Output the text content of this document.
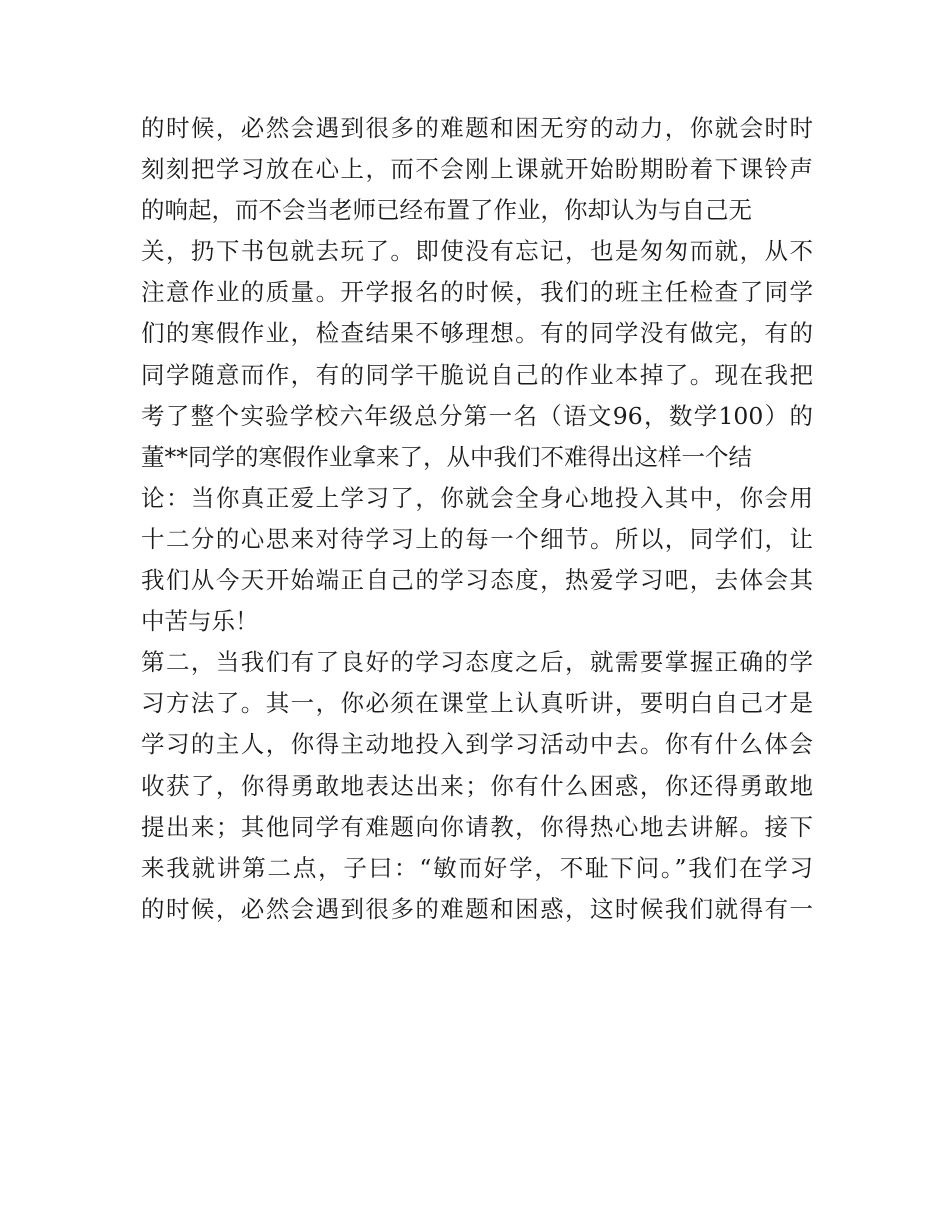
的时候，必然会遇到很多的难题和困无穷的动力，你就会时时
刻刻把学习放在心上，而不会刚上课就开始盼期盼着下课铃声
的响起，而不会当老师已经布置了作业，你却认为与自己无
关，扔下书包就去玩了。即使没有忘记，也是匆匆而就，从不
注意作业的质量。开学报名的时候，我们的班主任检查了同学
们的寒假作业，检查结果不够理想。有的同学没有做完，有的
同学随意而作，有的同学干脆说自己的作业本掉了。现在我把
考了整个实验学校六年级总分第一名（语文96，数学100）的
董**同学的寒假作业拿来了，从中我们不难得出这样一个结
论：当你真正爱上学习了，你就会全身心地投入其中，你会用
十二分的心思来对待学习上的每一个细节。所以，同学们，让
我们从今天开始端正自己的学习态度，热爱学习吧，去体会其
中苦与乐！
第二，当我们有了良好的学习态度之后，就需要掌握正确的学
习方法了。其一，你必须在课堂上认真听讲，要明白自己才是
学习的主人，你得主动地投入到学习活动中去。你有什么体会
收获了，你得勇敢地表达出来；你有什么困惑，你还得勇敢地
提出来；其他同学有难题向你请教，你得热心地去讲解。接下
来我就讲第二点，子曰：“敏而好学，不耻下问。”我们在学习
的时候，必然会遇到很多的难题和困惑，这时候我们就得有一
